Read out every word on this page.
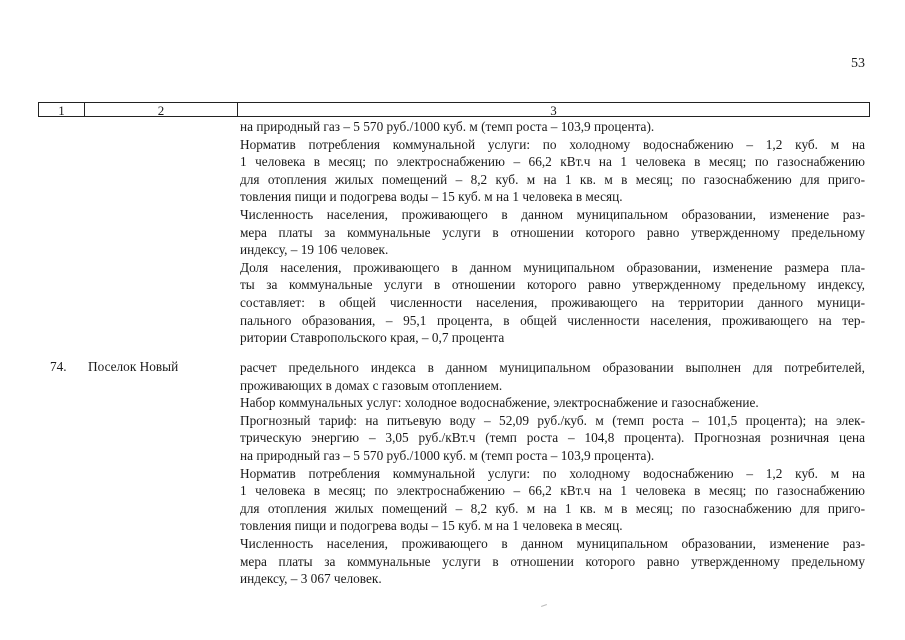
53
1	2	3
на природный газ – 5 570 руб./1000 куб. м (темп роста – 103,9 процента).
Норматив потребления коммунальной услуги: по холодному водоснабжению – 1,2 куб. м на
1 человека в месяц; по электроснабжению – 66,2 кВт.ч на 1 человека в месяц; по газоснабжению
для отопления жилых помещений – 8,2 куб. м на 1 кв. м в месяц; по газоснабжению для приго-
товления пищи и подогрева воды – 15 куб. м на 1 человека в месяц.
Численность населения, проживающего в данном муниципальном образовании, изменение раз-
мера платы за коммунальные услуги в отношении которого равно утвержденному предельному
индексу, – 19 106 человек.
Доля населения, проживающего в данном муниципальном образовании, изменение размера пла-
ты за коммунальные услуги в отношении которого равно утвержденному предельному индексу,
составляет: в общей численности населения, проживающего на территории данного муници-
пального образования, – 95,1 процента, в общей численности населения, проживающего на тер-
ритории Ставропольского края, – 0,7 процента
74. Поселок Новый	расчет предельного индекса в данном муниципальном образовании выполнен для потребителей,
проживающих в домах с газовым отоплением.
Набор коммунальных услуг: холодное водоснабжение, электроснабжение и газоснабжение.
Прогнозный тариф: на питьевую воду – 52,09 руб./куб. м (темп роста – 101,5 процента); на элек-
трическую энергию – 3,05 руб./кВт.ч (темп роста – 104,8 процента). Прогнозная розничная цена
на природный газ – 5 570 руб./1000 куб. м (темп роста – 103,9 процента).
Норматив потребления коммунальной услуги: по холодному водоснабжению – 1,2 куб. м на
1 человека в месяц; по электроснабжению – 66,2 кВт.ч на 1 человека в месяц; по газоснабжению
для отопления жилых помещений – 8,2 куб. м на 1 кв. м в месяц; по газоснабжению для приго-
товления пищи и подогрева воды – 15 куб. м на 1 человека в месяц.
Численность населения, проживающего в данном муниципальном образовании, изменение раз-
мера платы за коммунальные услуги в отношении которого равно утвержденному предельному
индексу, – 3 067 человек.
